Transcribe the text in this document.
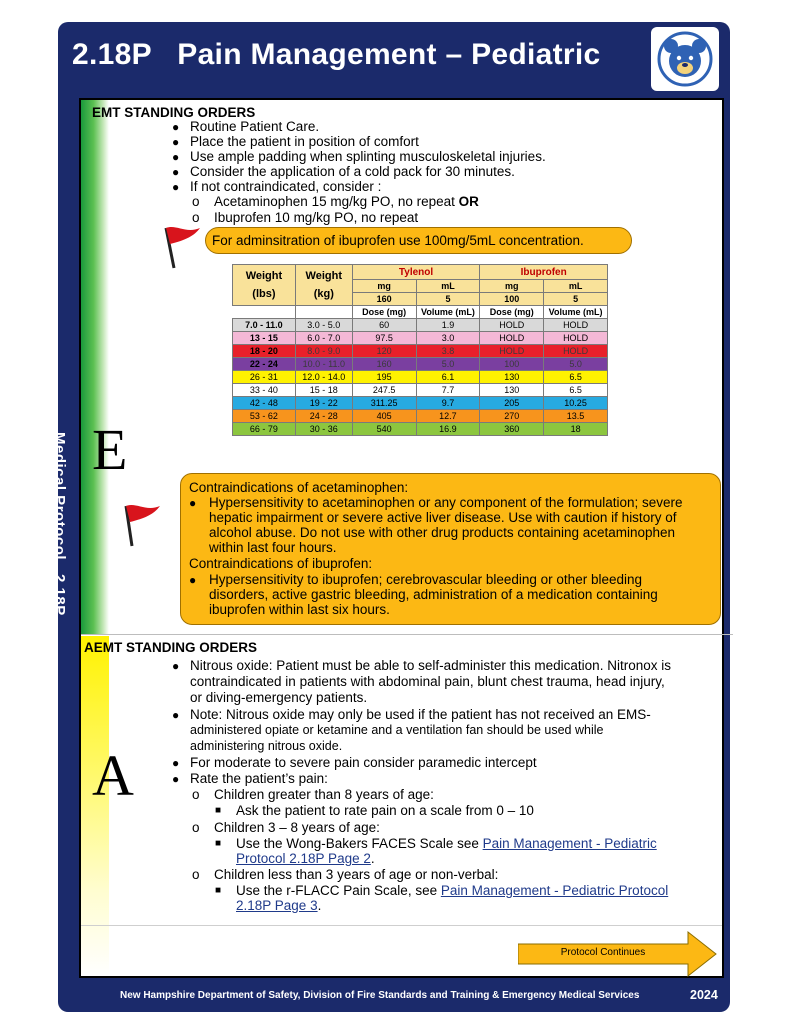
2.18P Pain Management – Pediatric
Medical Protocol   2.18P
EMT STANDING ORDERS
E
● Routine Patient Care.
● Place the patient in position of comfort
● Use ample padding when splinting musculoskeletal injuries.
● Consider the application of a cold pack for 30 minutes.
● If not contraindicated, consider :
o Acetaminophen 15 mg/kg PO, no repeat OR
o Ibuprofen 10 mg/kg PO, no repeat
For adminsitration of ibuprofen use 100mg/5mL concentration.
Weight
(lbs)	Weight
(kg)	Tylenol		Ibuprofen	
		mg	mL	mg	mL
		160	5	100	5
		Dose (mg)	Volume (mL)	Dose (mg)	Volume (mL)
7.0 - 11.0	3.0 - 5.0	60	1.9	HOLD	HOLD
13 - 15	6.0 - 7.0	97.5	3.0	HOLD	HOLD
18 - 20	8.0 - 9.0	120	3.8	HOLD	HOLD
22 - 24	10.0 - 11.0	160	5.0	100	5.0
26 - 31	12.0 - 14.0	195	6.1	130	6.5
33 - 40	15 - 18	247.5	7.7	130	6.5
42 - 48	19 - 22	311.25	9.7	205	10.25
53 - 62	24 - 28	405	12.7	270	13.5
66 - 79	30 - 36	540	16.9	360	18
Contraindications of acetaminophen:
● Hypersensitivity to acetaminophen or any component of the formulation; severe
hepatic impairment or severe active liver disease. Use with caution if history of
alcohol abuse. Do not use with other drug products containing acetaminophen
within last four hours.
Contraindications of ibuprofen:
● Hypersensitivity to ibuprofen; cerebrovascular bleeding or other bleeding
disorders, active gastric bleeding, administration of a medication containing
ibuprofen within last six hours.
AEMT STANDING ORDERS
A
● Nitrous oxide: Patient must be able to self-administer this medication. Nitronox is
contraindicated in patients with abdominal pain, blunt chest trauma, head injury,
or diving-emergency patients.
● Note: Nitrous oxide may only be used if the patient has not received an EMS-
administered opiate or ketamine and a ventilation fan should be used while
administering nitrous oxide.
● For moderate to severe pain consider paramedic intercept
● Rate the patient’s pain:
o Children greater than 8 years of age:
■ Ask the patient to rate pain on a scale from 0 – 10
o Children 3 – 8 years of age:
■ Use the Wong-Bakers FACES Scale see Pain Management - Pediatric
Protocol 2.18P Page 2.
o Children less than 3 years of age or non-verbal:
■ Use the r-FLACC Pain Scale, see Pain Management - Pediatric Protocol
2.18P Page 3.
Protocol Continues
New Hampshire Department of Safety, Division of Fire Standards and Training & Emergency Medical Services	2024
